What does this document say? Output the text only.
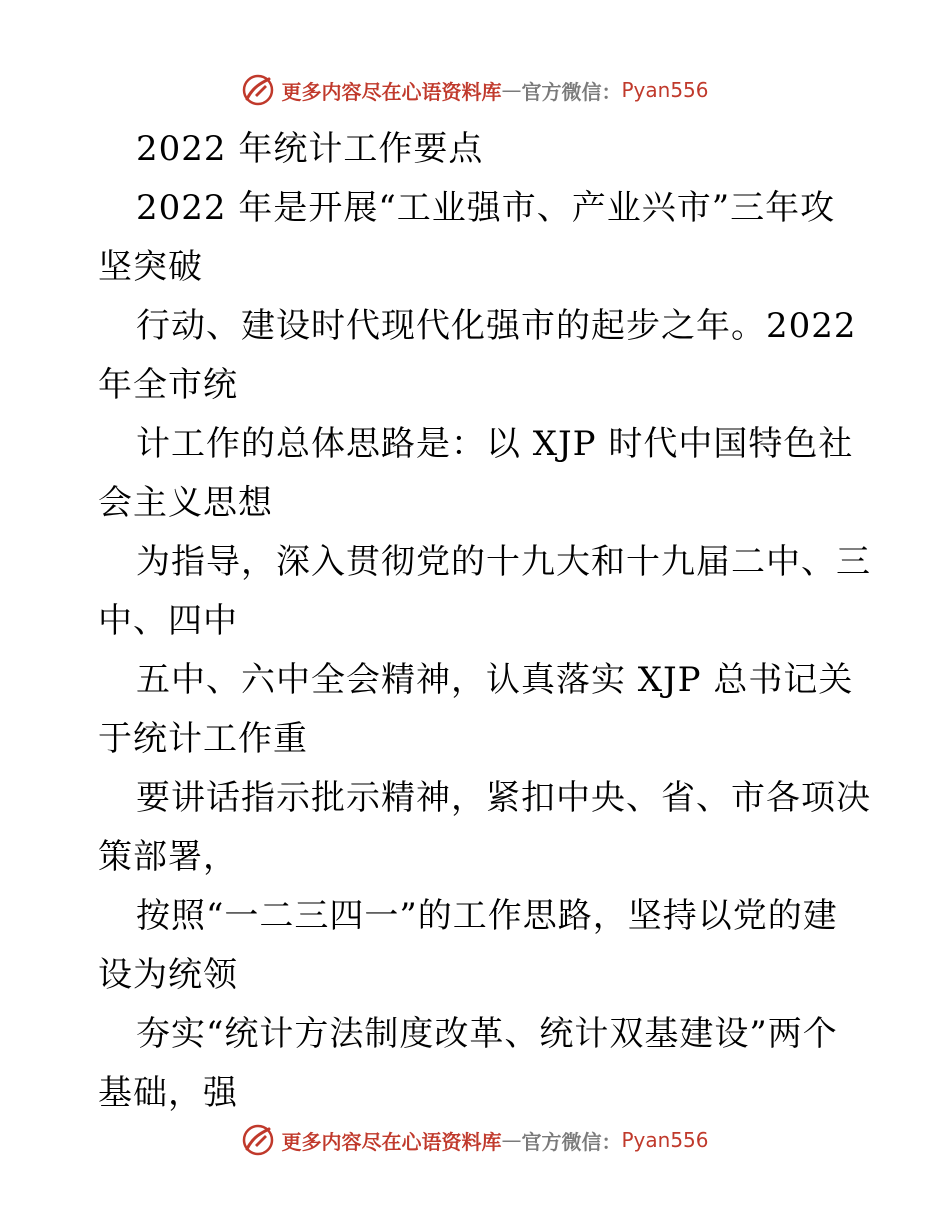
更多内容尽在心语资料库 — 官方微信： Pyan556
2022 年统计工作要点
2022 年是开展“工业强市、产业兴市”三年攻
坚突破
行动、建设时代现代化强市的起步之年。2022
年全市统
计工作的总体思路是：以 XJP 时代中国特色社
会主义思想
为指导，深入贯彻党的十九大和十九届二中、三
中、四中
五中、六中全会精神，认真落实 XJP 总书记关
于统计工作重
要讲话指示批示精神，紧扣中央、省、市各项决
策部署，
按照“一二三四一”的工作思路，坚持以党的建
设为统领
夯实“统计方法制度改革、统计双基建设”两个
基础，强
更多内容尽在心语资料库 — 官方微信： Pyan556
